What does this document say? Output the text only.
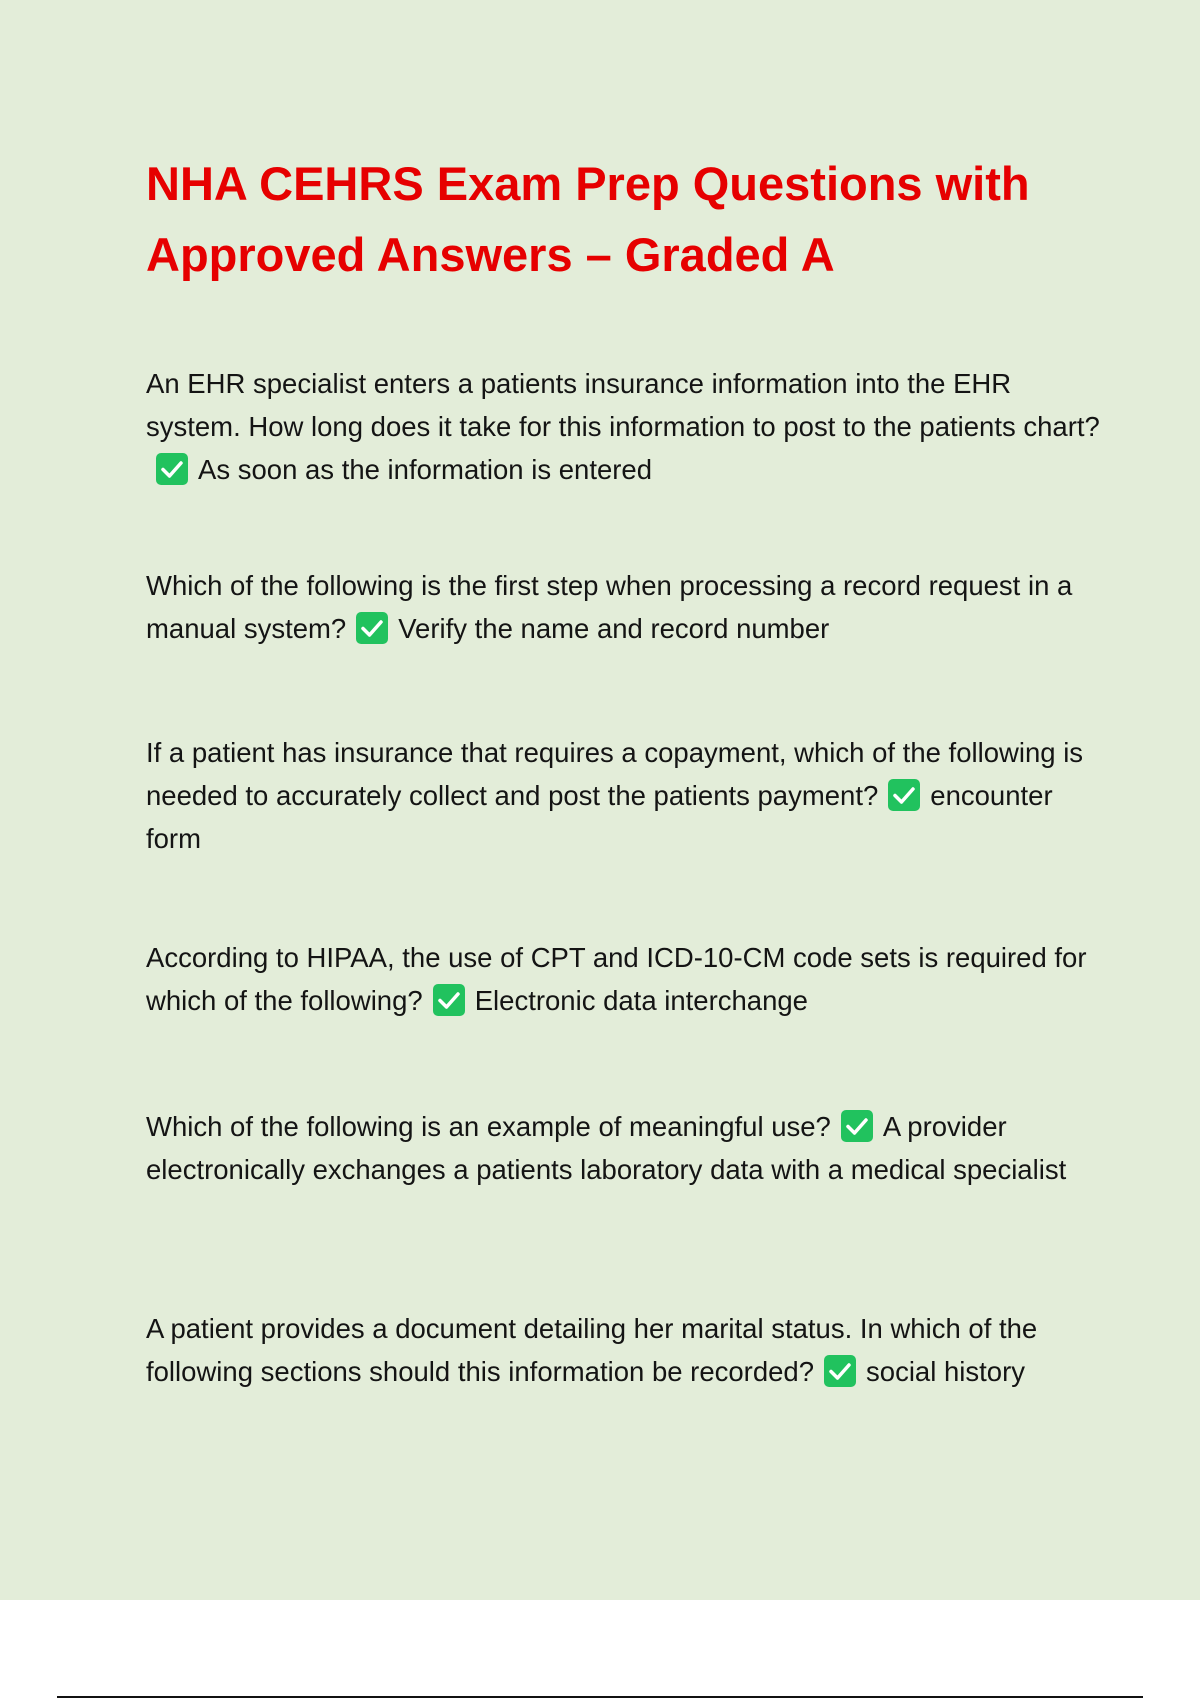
NHA CEHRS Exam Prep Questions with Approved Answers – Graded A

An EHR specialist enters a patients insurance information into the EHR system. How long does it take for this information to post to the patients chart?
As soon as the information is entered

Which of the following is the first step when processing a record request in a manual system? Verify the name and record number

If a patient has insurance that requires a copayment, which of the following is needed to accurately collect and post the patients payment? encounter form

According to HIPAA, the use of CPT and ICD-10-CM code sets is required for which of the following? Electronic data interchange

Which of the following is an example of meaningful use? A provider electronically exchanges a patients laboratory data with a medical specialist

A patient provides a document detailing her marital status. In which of the following sections should this information be recorded? social history
